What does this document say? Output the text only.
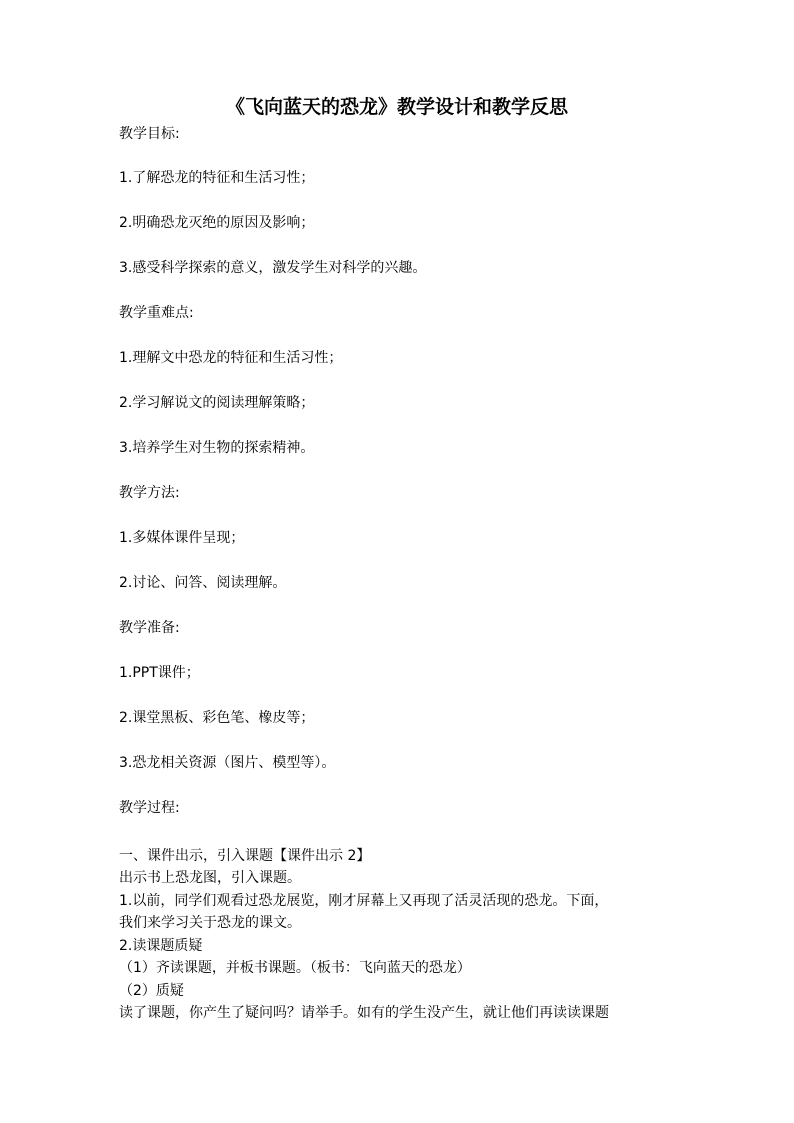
《飞向蓝天的恐龙》教学设计和教学反思
教学目标:
1.了解恐龙的特征和生活习性；
2.明确恐龙灭绝的原因及影响；
3.感受科学探索的意义，激发学生对科学的兴趣。
教学重难点:
1.理解文中恐龙的特征和生活习性；
2.学习解说文的阅读理解策略；
3.培养学生对生物的探索精神。
教学方法:
1.多媒体课件呈现；
2.讨论、问答、阅读理解。
教学准备:
1.PPT课件；
2.课堂黑板、彩色笔、橡皮等；
3.恐龙相关资源（图片、模型等）。
教学过程:
一、课件出示，引入课题【课件出示 2】
出示书上恐龙图，引入课题。
1.以前，同学们观看过恐龙展览，刚才屏幕上又再现了活灵活现的恐龙。下面，
我们来学习关于恐龙的课文。
2.读课题质疑
（1）齐读课题，并板书课题。（板书：飞向蓝天的恐龙）
（2）质疑
读了课题，你产生了疑问吗？请举手。如有的学生没产生，就让他们再读读课题
